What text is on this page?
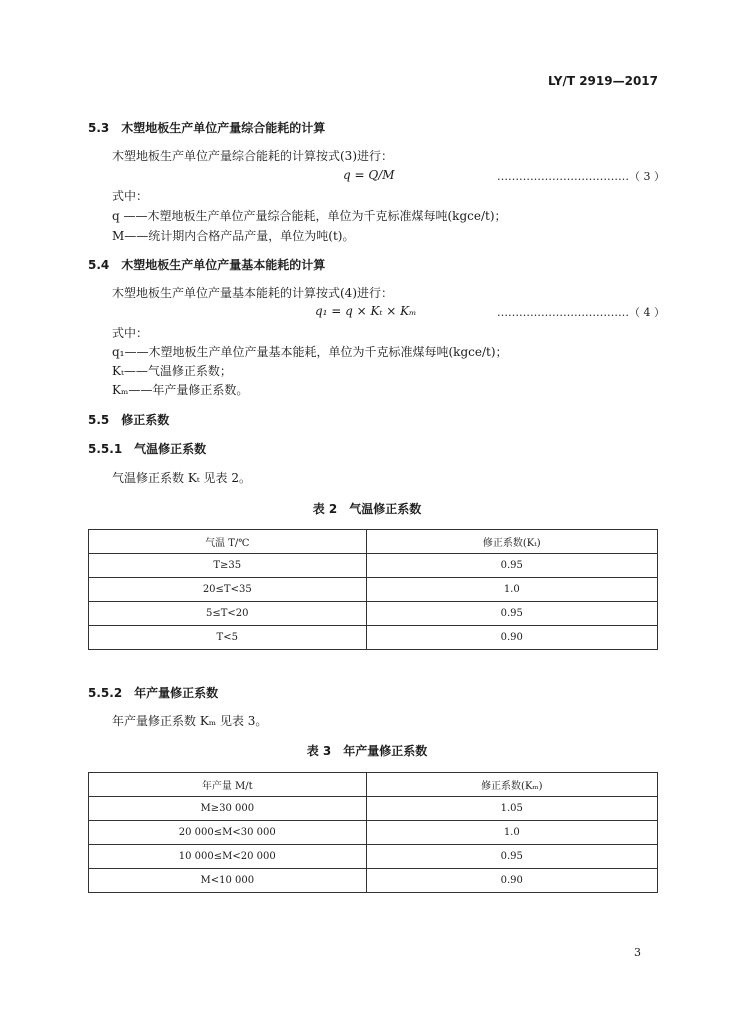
LY/T 2919—2017
5.3　木塑地板生产单位产量综合能耗的计算
木塑地板生产单位产量综合能耗的计算按式(3)进行：
q = Q/M	………………………………（ 3 ）
式中：
q ——木塑地板生产单位产量综合能耗，单位为千克标准煤每吨(kgce/t)；
M——统计期内合格产品产量，单位为吨(t)。
5.4　木塑地板生产单位产量基本能耗的计算
木塑地板生产单位产量基本能耗的计算按式(4)进行：
q₁ = q × Kₜ × Kₘ	………………………………（ 4 ）
式中：
q₁——木塑地板生产单位产量基本能耗，单位为千克标准煤每吨(kgce/t)；
Kₜ——气温修正系数；
Kₘ——年产量修正系数。
5.5　修正系数
5.5.1　气温修正系数
气温修正系数 Kₜ 见表 2。
表 2　气温修正系数
气温 T/℃	修正系数(Kₜ)
T≥35	0.95
20≤T<35	1.0
5≤T<20	0.95
T<5	0.90
5.5.2　年产量修正系数
年产量修正系数 Kₘ 见表 3。
表 3　年产量修正系数
年产量 M/t	修正系数(Kₘ)
M≥30 000	1.05
20 000≤M<30 000	1.0
10 000≤M<20 000	0.95
M<10 000	0.90
3
